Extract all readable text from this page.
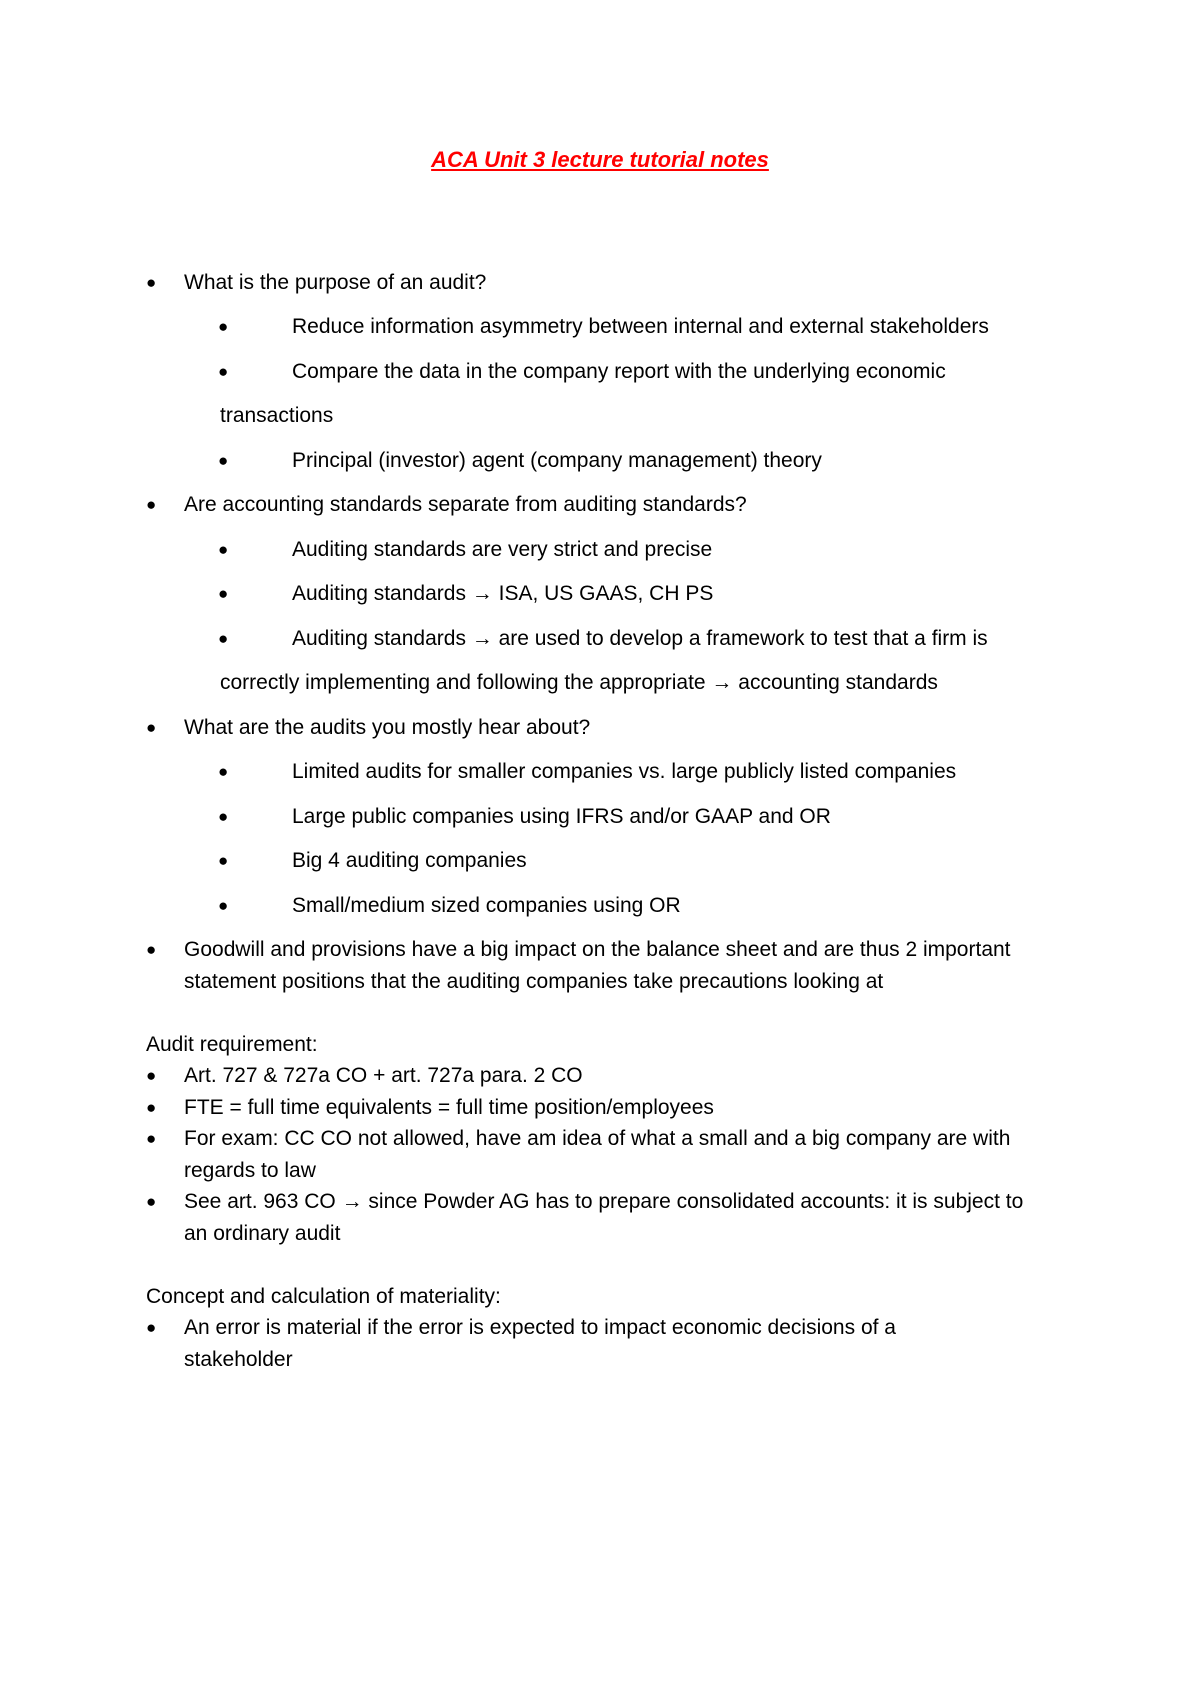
ACA Unit 3 lecture tutorial notes
● What is the purpose of an audit?
●	Reduce information asymmetry between internal and external stakeholders
●	Compare the data in the company report with the underlying economic
transactions
●	Principal (investor) agent (company management) theory
● Are accounting standards separate from auditing standards?
●	Auditing standards are very strict and precise
●	Auditing standards → ISA, US GAAS, CH PS
●	Auditing standards → are used to develop a framework to test that a firm is
correctly implementing and following the appropriate → accounting standards
● What are the audits you mostly hear about?
●	Limited audits for smaller companies vs. large publicly listed companies
●	Large public companies using IFRS and/or GAAP and OR
●	Big 4 auditing companies
●	Small/medium sized companies using OR
● Goodwill and provisions have a big impact on the balance sheet and are thus 2 important
statement positions that the auditing companies take precautions looking at
Audit requirement:
● Art. 727 & 727a CO + art. 727a para. 2 CO
● FTE = full time equivalents = full time position/employees
● For exam: CC CO not allowed, have am idea of what a small and a big company are with
regards to law
● See art. 963 CO → since Powder AG has to prepare consolidated accounts: it is subject to
an ordinary audit
Concept and calculation of materiality:
● An error is material if the error is expected to impact economic decisions of a
stakeholder
